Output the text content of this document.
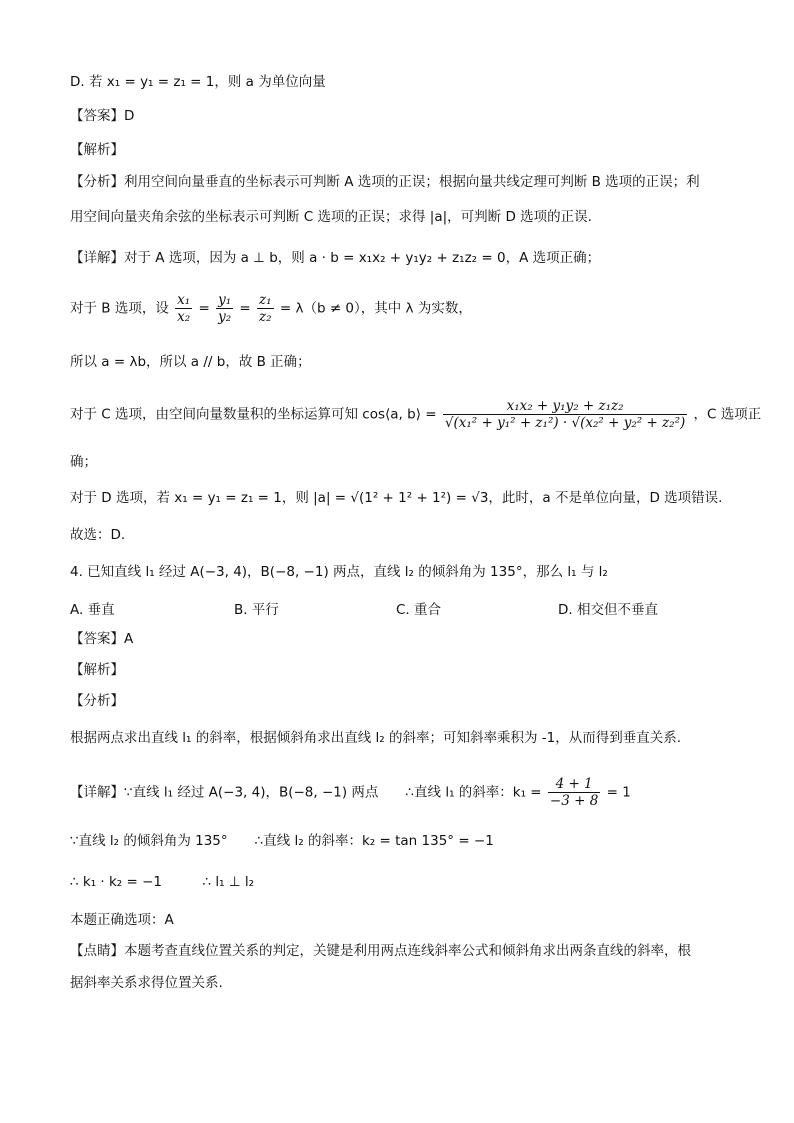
D. 若 x₁ = y₁ = z₁ = 1，则 a 为单位向量
【答案】D
【解析】
【分析】利用空间向量垂直的坐标表示可判断 A 选项的正误；根据向量共线定理可判断 B 选项的正误；利
用空间向量夹角余弦的坐标表示可判断 C 选项的正误；求得 |a|，可判断 D 选项的正误.
【详解】对于 A 选项，因为 a ⊥ b，则 a · b = x₁x₂ + y₁y₂ + z₁z₂ = 0，A 选项正确；
对于 B 选项，设 $\frac{\text{x₁}}{\text{x₂}} = \frac{\text{y₁}}{\text{y₂}} = \frac{\text{z₁}}{\text{z₂}} = \lambda(b \ne 0)$，其中 λ 为实数，
所以 a = λb，所以 a // b，故 B 正确；
对于 C 选项，由空间向量数量积的坐标运算可知 cos⟨a, b⟩ = $\frac{\text{x₁x₂ + y₁y₂ + z₁z₂}}{\text{√(x₁² + y₁² + z₁²) · √(x₂² + y₂² + z₂²)}}$ ，C 选项正
确；
对于 D 选项，若 x₁ = y₁ = z₁ = 1，则 |a| = √(1² + 1² + 1²) = √3，此时，a 不是单位向量，D 选项错误.
故选：D.
4. 已知直线 l₁ 经过 A(−3, 4)，B(−8, −1) 两点，直线 l₂ 的倾斜角为 135°，那么 l₁ 与 l₂
A. 垂直	B. 平行	C. 重合	D. 相交但不垂直
【答案】A
【解析】
【分析】
根据两点求出直线 l₁ 的斜率，根据倾斜角求出直线 l₂ 的斜率；可知斜率乘积为 -1，从而得到垂直关系.
【详解】∵直线 l₁ 经过 A(−3, 4)，B(−8, −1) 两点　　∴直线 l₁ 的斜率：$k_1 = \frac{4 + 1}{-3 + 8} = 1$
∵直线 l₂ 的倾斜角为 135°　　∴直线 l₂ 的斜率：k₂ = tan 135° = −1
∴ k₁ · k₂ = −1　　　∴ l₁ ⊥ l₂
本题正确选项：A
【点睛】本题考查直线位置关系的判定，关键是利用两点连线斜率公式和倾斜角求出两条直线的斜率，根
据斜率关系求得位置关系.
